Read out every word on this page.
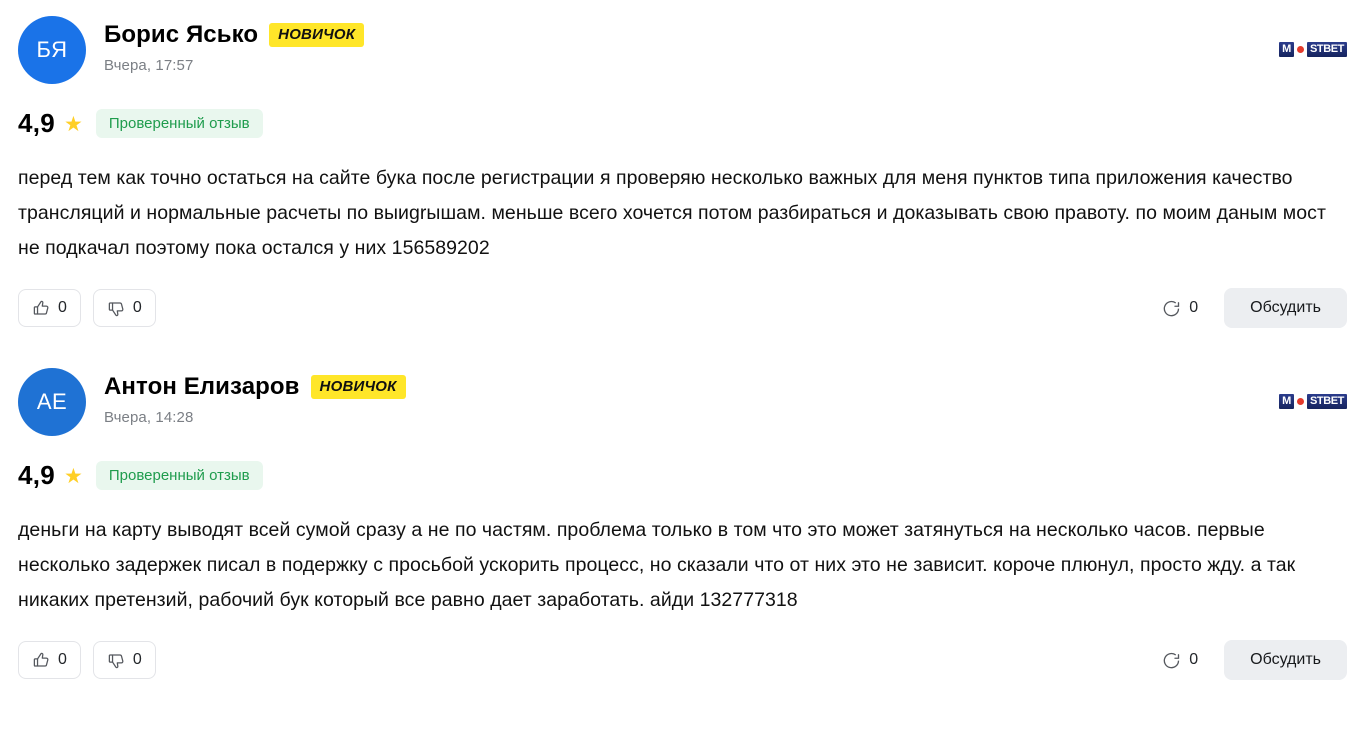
БЯ
Борис Ясько	НОВИЧОК
Вчера, 17:57
M STBET
4,9 ★	Проверенный отзыв
перед тем как точно остаться на сайте бука после регистрации я проверяю несколько важных для меня пунктов типа приложения качество трансляций и нормальные расчеты по выиgrышам. меньше всего хочется потом разбираться и доказывать свою правоту. по моим даным мост не подкачал поэтому пока остался у них 156589202
0	0	0	Обсудить
АЕ
Антон Елизаров	НОВИЧОК
Вчера, 14:28
M STBET
4,9 ★	Проверенный отзыв
деньги на карту выводят всей сумой сразу а не по частям. проблема только в том что это может затянуться на несколько часов. первые несколько задержек писал в подержку с просьбой ускорить процесс, но сказали что от них это не зависит. короче плюнул, просто жду. а так никаких претензий, рабочий бук который все равно дает заработать. айди 132777318
0	0	0	Обсудить
